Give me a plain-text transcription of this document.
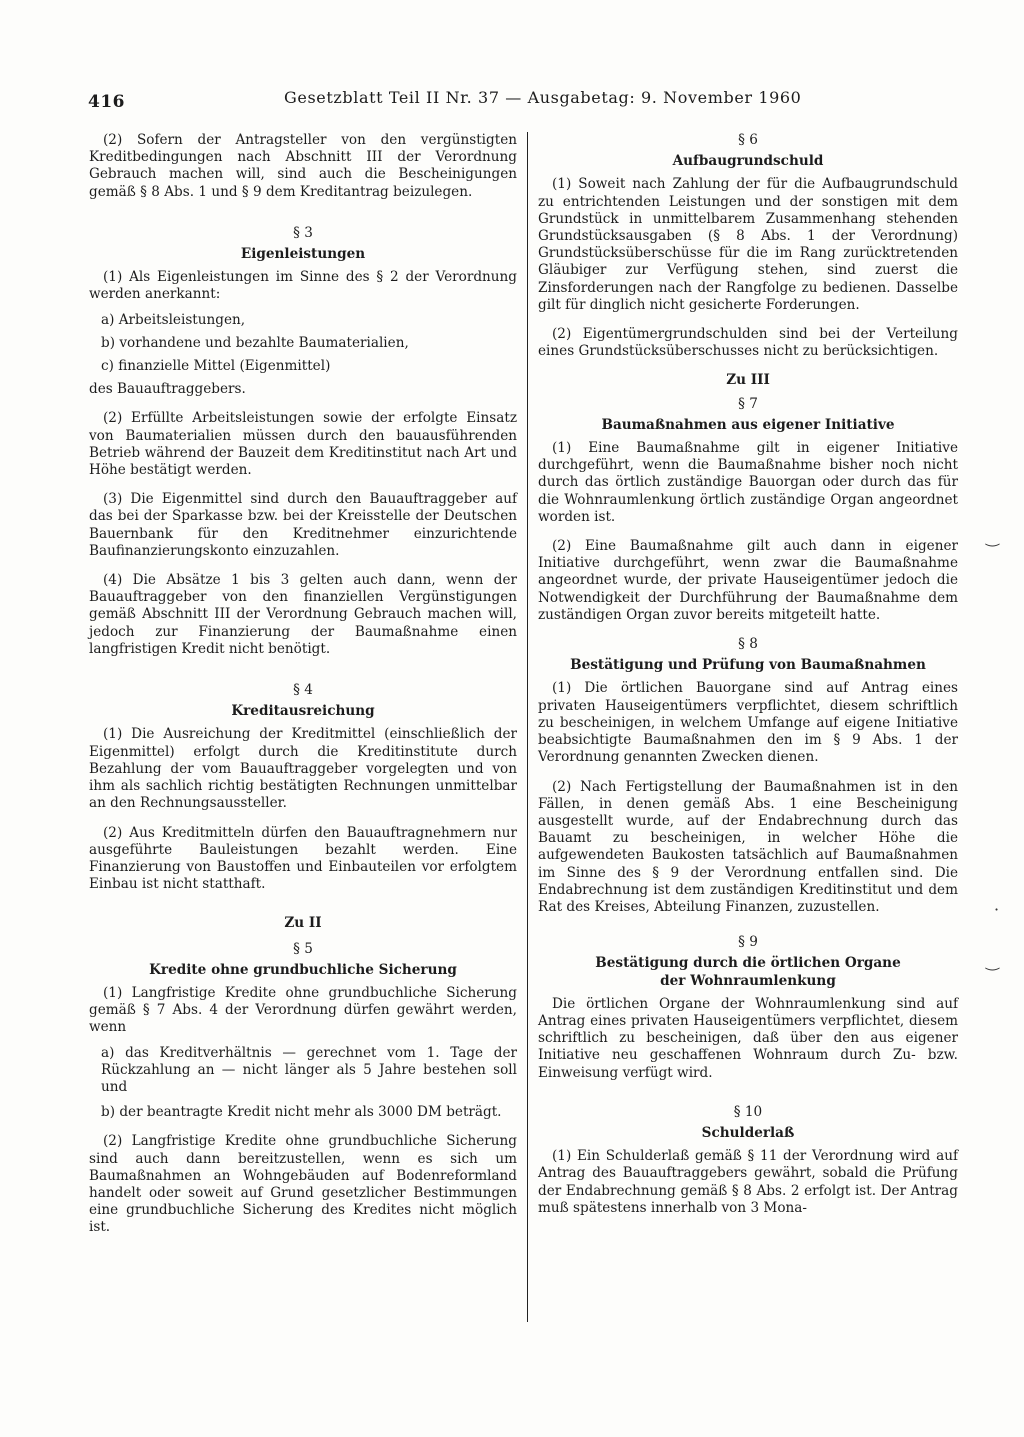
416	Gesetzblatt Teil II Nr. 37 — Ausgabetag: 9. November 1960

(2) Sofern der Antragsteller von den vergünstigten Kreditbedingungen nach Abschnitt III der Verordnung Gebrauch machen will, sind auch die Bescheinigungen gemäß § 8 Abs. 1 und § 9 dem Kreditantrag beizulegen.

§ 3

Eigenleistungen

(1) Als Eigenleistungen im Sinne des § 2 der Verordnung werden anerkannt:

a) Arbeitsleistungen,

b) vorhandene und bezahlte Baumaterialien,

c) finanzielle Mittel (Eigenmittel)

des Bauauftraggebers.

(2) Erfüllte Arbeitsleistungen sowie der erfolgte Einsatz von Baumaterialien müssen durch den bauausführenden Betrieb während der Bauzeit dem Kreditinstitut nach Art und Höhe bestätigt werden.

(3) Die Eigenmittel sind durch den Bauauftraggeber auf das bei der Sparkasse bzw. bei der Kreisstelle der Deutschen Bauernbank für den Kreditnehmer einzurichtende Baufinanzierungskonto einzuzahlen.

(4) Die Absätze 1 bis 3 gelten auch dann, wenn der Bauauftraggeber von den finanziellen Vergünstigungen gemäß Abschnitt III der Verordnung Gebrauch machen will, jedoch zur Finanzierung der Baumaßnahme einen langfristigen Kredit nicht benötigt.

§ 4

Kreditausreichung

(1) Die Ausreichung der Kreditmittel (einschließlich der Eigenmittel) erfolgt durch die Kreditinstitute durch Bezahlung der vom Bauauftraggeber vorgelegten und von ihm als sachlich richtig bestätigten Rechnungen unmittelbar an den Rechnungsaussteller.

(2) Aus Kreditmitteln dürfen den Bauauftragnehmern nur ausgeführte Bauleistungen bezahlt werden. Eine Finanzierung von Baustoffen und Einbauteilen vor erfolgtem Einbau ist nicht statthaft.

Zu II

§ 5

Kredite ohne grundbuchliche Sicherung

(1) Langfristige Kredite ohne grundbuchliche Sicherung gemäß § 7 Abs. 4 der Verordnung dürfen gewährt werden, wenn

a) das Kreditverhältnis — gerechnet vom 1. Tage der Rückzahlung an — nicht länger als 5 Jahre bestehen soll und

b) der beantragte Kredit nicht mehr als 3000 DM beträgt.

(2) Langfristige Kredite ohne grundbuchliche Sicherung sind auch dann bereitzustellen, wenn es sich um Baumaßnahmen an Wohngebäuden auf Bodenreformland handelt oder soweit auf Grund gesetzlicher Bestimmungen eine grundbuchliche Sicherung des Kredites nicht möglich ist.

§ 6

Aufbaugrundschuld

(1) Soweit nach Zahlung der für die Aufbaugrundschuld zu entrichtenden Leistungen und der sonstigen mit dem Grundstück in unmittelbarem Zusammenhang stehenden Grundstücksausgaben (§ 8 Abs. 1 der Verordnung) Grundstücksüberschüsse für die im Rang zurücktretenden Gläubiger zur Verfügung stehen, sind zuerst die Zinsforderungen nach der Rangfolge zu bedienen. Dasselbe gilt für dinglich nicht gesicherte Forderungen.

(2) Eigentümergrundschulden sind bei der Verteilung eines Grundstücksüberschusses nicht zu berücksichtigen.

Zu III

§ 7

Baumaßnahmen aus eigener Initiative

(1) Eine Baumaßnahme gilt in eigener Initiative durchgeführt, wenn die Baumaßnahme bisher noch nicht durch das örtlich zuständige Bauorgan oder durch das für die Wohnraumlenkung örtlich zuständige Organ angeordnet worden ist.

(2) Eine Baumaßnahme gilt auch dann in eigener Initiative durchgeführt, wenn zwar die Baumaßnahme angeordnet wurde, der private Hauseigentümer jedoch die Notwendigkeit der Durchführung der Baumaßnahme dem zuständigen Organ zuvor bereits mitgeteilt hatte.

§ 8

Bestätigung und Prüfung von Baumaßnahmen

(1) Die örtlichen Bauorgane sind auf Antrag eines privaten Hauseigentümers verpflichtet, diesem schriftlich zu bescheinigen, in welchem Umfange auf eigene Initiative beabsichtigte Baumaßnahmen den im § 9 Abs. 1 der Verordnung genannten Zwecken dienen.

(2) Nach Fertigstellung der Baumaßnahmen ist in den Fällen, in denen gemäß Abs. 1 eine Bescheinigung ausgestellt wurde, auf der Endabrechnung durch das Bauamt zu bescheinigen, in welcher Höhe die aufgewendeten Baukosten tatsächlich auf Baumaßnahmen im Sinne des § 9 der Verordnung entfallen sind. Die Endabrechnung ist dem zuständigen Kreditinstitut und dem Rat des Kreises, Abteilung Finanzen, zuzustellen.

§ 9

Bestätigung durch die örtlichen Organe

der Wohnraumlenkung

Die örtlichen Organe der Wohnraumlenkung sind auf Antrag eines privaten Hauseigentümers verpflichtet, diesem schriftlich zu bescheinigen, daß über den aus eigener Initiative neu geschaffenen Wohnraum durch Zu- bzw. Einweisung verfügt wird.

§ 10

Schulderlaß

(1) Ein Schulderlaß gemäß § 11 der Verordnung wird auf Antrag des Bauauftraggebers gewährt, sobald die Prüfung der Endabrechnung gemäß § 8 Abs. 2 erfolgt ist. Der Antrag muß spätestens innerhalb von 3 Mona-

‿
·
‿
